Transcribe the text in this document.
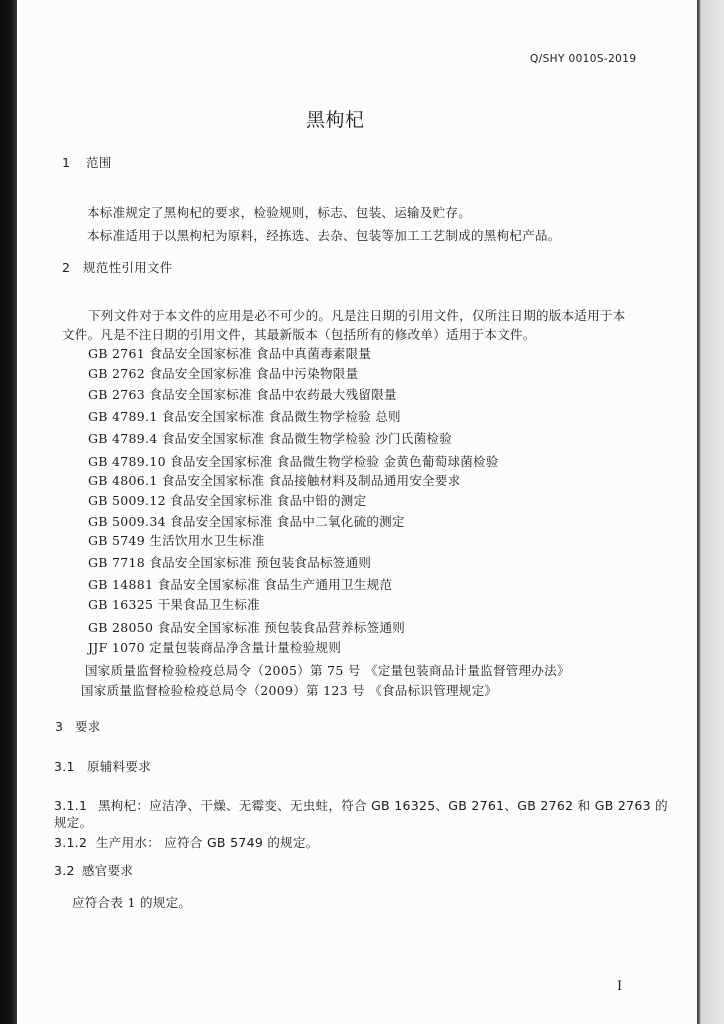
Q/SHY 0010S-2019
黑枸杞
1 范围
本标准规定了黑枸杞的要求，检验规则，标志、包装、运输及贮存。
本标准适用于以黑枸杞为原料，经拣选、去杂、包装等加工工艺制成的黑枸杞产品。
2 规范性引用文件
下列文件对于本文件的应用是必不可少的。凡是注日期的引用文件，仅所注日期的版本适用于本
文件。凡是不注日期的引用文件，其最新版本（包括所有的修改单）适用于本文件。
GB 2761 食品安全国家标准 食品中真菌毒素限量
GB 2762 食品安全国家标准 食品中污染物限量
GB 2763 食品安全国家标准 食品中农药最大残留限量
GB 4789.1 食品安全国家标准 食品微生物学检验 总则
GB 4789.4 食品安全国家标准 食品微生物学检验 沙门氏菌检验
GB 4789.10 食品安全国家标准 食品微生物学检验 金黄色葡萄球菌检验
GB 4806.1 食品安全国家标准 食品接触材料及制品通用安全要求
GB 5009.12 食品安全国家标准 食品中铅的测定
GB 5009.34 食品安全国家标准 食品中二氧化硫的测定
GB 5749 生活饮用水卫生标准
GB 7718 食品安全国家标准 预包装食品标签通则
GB 14881 食品安全国家标准 食品生产通用卫生规范
GB 16325 干果食品卫生标准
GB 28050 食品安全国家标准 预包装食品营养标签通则
JJF 1070 定量包装商品净含量计量检验规则
国家质量监督检验检疫总局令（2005）第 75 号 《定量包装商品计量监督管理办法》
国家质量监督检验检疫总局令（2009）第 123 号 《食品标识管理规定》
3 要求
3.1 原辅料要求
3.1.1 黑枸杞：应洁净、干燥、无霉变、无虫蛀，符合 GB 16325、GB 2761、GB 2762 和 GB 2763 的
规定。
3.1.2 生产用水： 应符合 GB 5749 的规定。
3.2 感官要求
应符合表 1 的规定。
I
